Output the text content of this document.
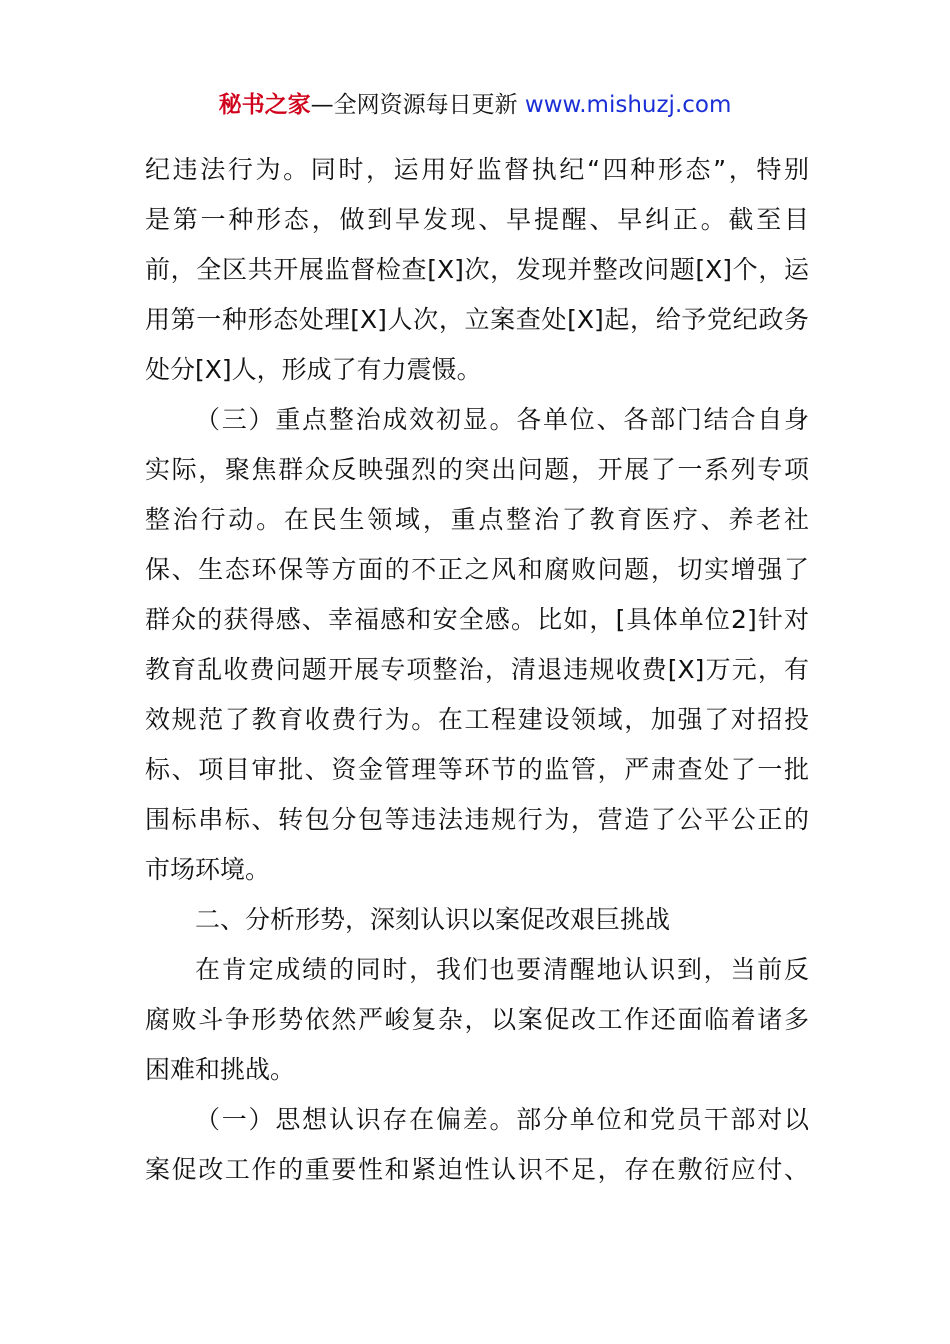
秘书之家—全网资源每日更新 www.mishuzj.com
纪违法行为。同时，运用好监督执纪“四种形态”，特别
是第一种形态，做到早发现、早提醒、早纠正。截至目
前，全区共开展监督检查[X]次，发现并整改问题[X]个，运
用第一种形态处理[X]人次，立案查处[X]起，给予党纪政务
处分[X]人，形成了有力震慑。
（三）重点整治成效初显。各单位、各部门结合自身
实际，聚焦群众反映强烈的突出问题，开展了一系列专项
整治行动。在民生领域，重点整治了教育医疗、养老社
保、生态环保等方面的不正之风和腐败问题，切实增强了
群众的获得感、幸福感和安全感。比如，[具体单位2]针对
教育乱收费问题开展专项整治，清退违规收费[X]万元，有
效规范了教育收费行为。在工程建设领域，加强了对招投
标、项目审批、资金管理等环节的监管，严肃查处了一批
围标串标、转包分包等违法违规行为，营造了公平公正的
市场环境。
二、分析形势，深刻认识以案促改艰巨挑战
在肯定成绩的同时，我们也要清醒地认识到，当前反
腐败斗争形势依然严峻复杂，以案促改工作还面临着诸多
困难和挑战。
（一）思想认识存在偏差。部分单位和党员干部对以
案促改工作的重要性和紧迫性认识不足，存在敷衍应付、
